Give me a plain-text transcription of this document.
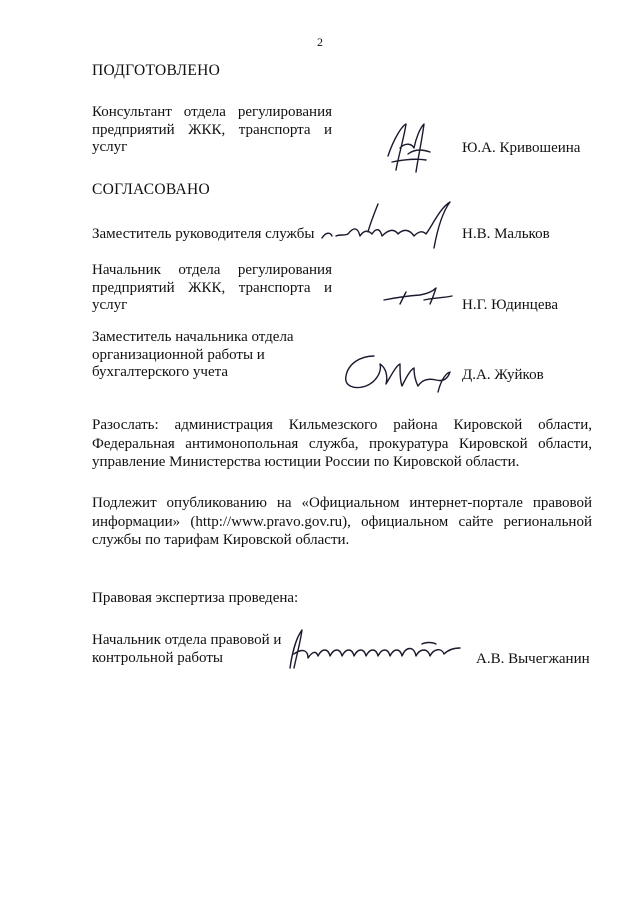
2
ПОДГОТОВЛЕНО
Консультант отдела регулирования предприятий ЖКК, транспорта и услуг	Ю.А. Кривошеина
СОГЛАСОВАНО
Заместитель руководителя службы	Н.В. Мальков
Начальник отдела регулирования предприятий ЖКК, транспорта и услуг	Н.Г. Юдинцева
Заместитель начальника отдела организационной работы и бухгалтерского учета	Д.А. Жуйков
Разослать: администрация Кильмезского района Кировской области, Федеральная антимонопольная служба, прокуратура Кировской области, управление Министерства юстиции России по Кировской области.
Подлежит опубликованию на «Официальном интернет-портале правовой информации» (http://www.pravo.gov.ru), официальном сайте региональной службы по тарифам Кировской области.
Правовая экспертиза проведена:
Начальник отдела правовой и контрольной работы	А.В. Вычегжанин
